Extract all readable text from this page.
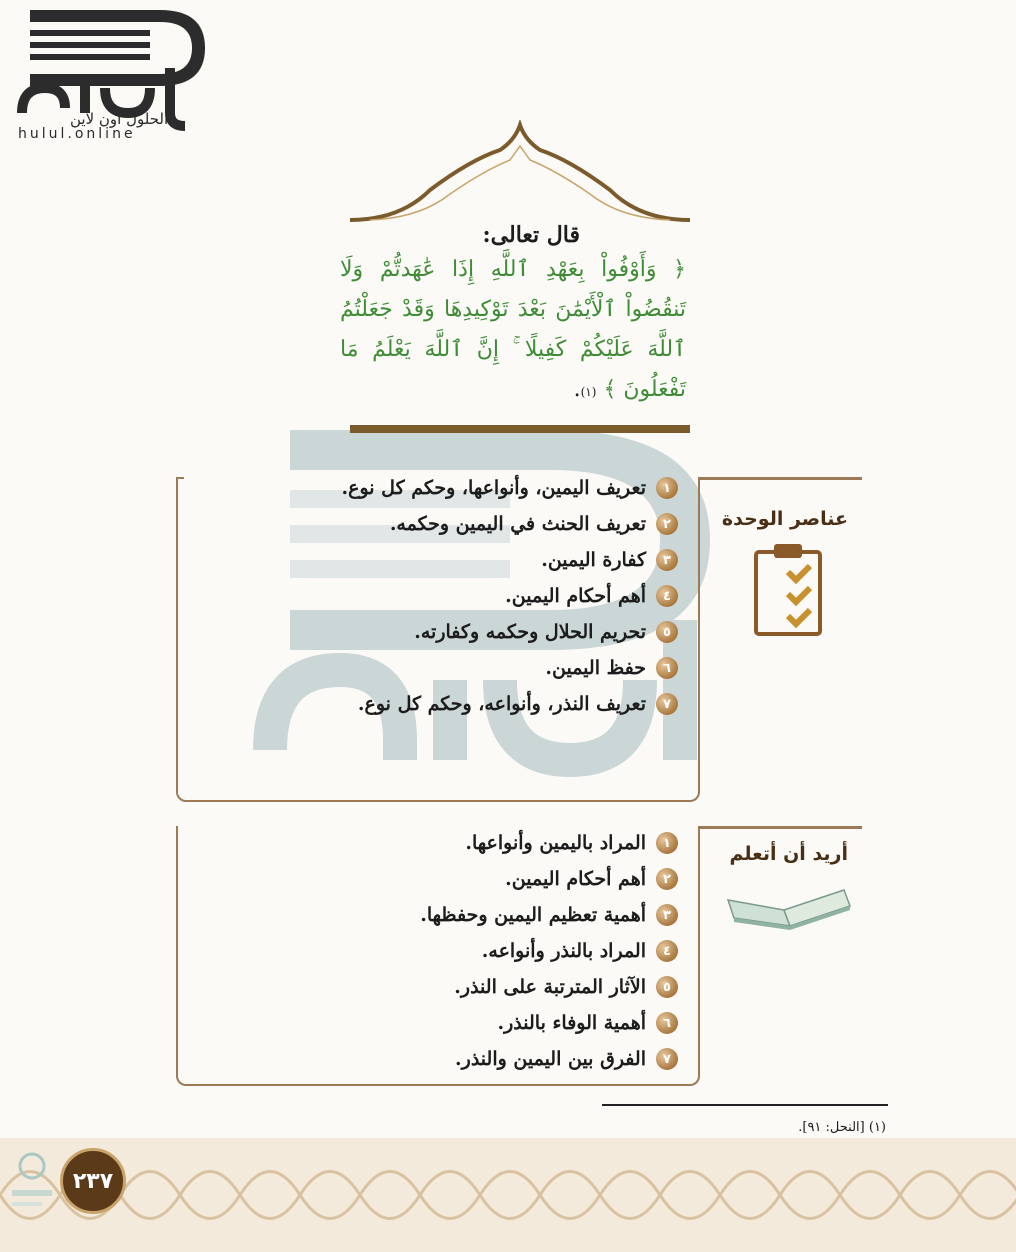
الحلول اون لاين
hulul.online
قال تعالى:
﴿ وَأَوْفُواْ بِعَهْدِ ٱللَّهِ إِذَا عَٰهَدتُّمْ وَلَا تَنقُضُواْ ٱلْأَيْمَٰنَ بَعْدَ تَوْكِيدِهَا وَقَدْ جَعَلْتُمُ ٱللَّهَ عَلَيْكُمْ كَفِيلًا ۚ إِنَّ ٱللَّهَ يَعْلَمُ مَا تَفْعَلُونَ ﴾ (١).
عناصر الوحدة
١
تعريف اليمين، وأنواعها، وحكم كل نوع.
٢
تعريف الحنث في اليمين وحكمه.
٣
كفارة اليمين.
٤
أهم أحكام اليمين.
٥
تحريم الحلال وحكمه وكفارته.
٦
حفظ اليمين.
٧
تعريف النذر، وأنواعه، وحكم كل نوع.
أريد أن أتعلم
١
المراد باليمين وأنواعها.
٢
أهم أحكام اليمين.
٣
أهمية تعظيم اليمين وحفظها.
٤
المراد بالنذر وأنواعه.
٥
الآثار المترتبة على النذر.
٦
أهمية الوفاء بالنذر.
٧
الفرق بين اليمين والنذر.
(١) [النحل: ٩١].
٢٣٧
